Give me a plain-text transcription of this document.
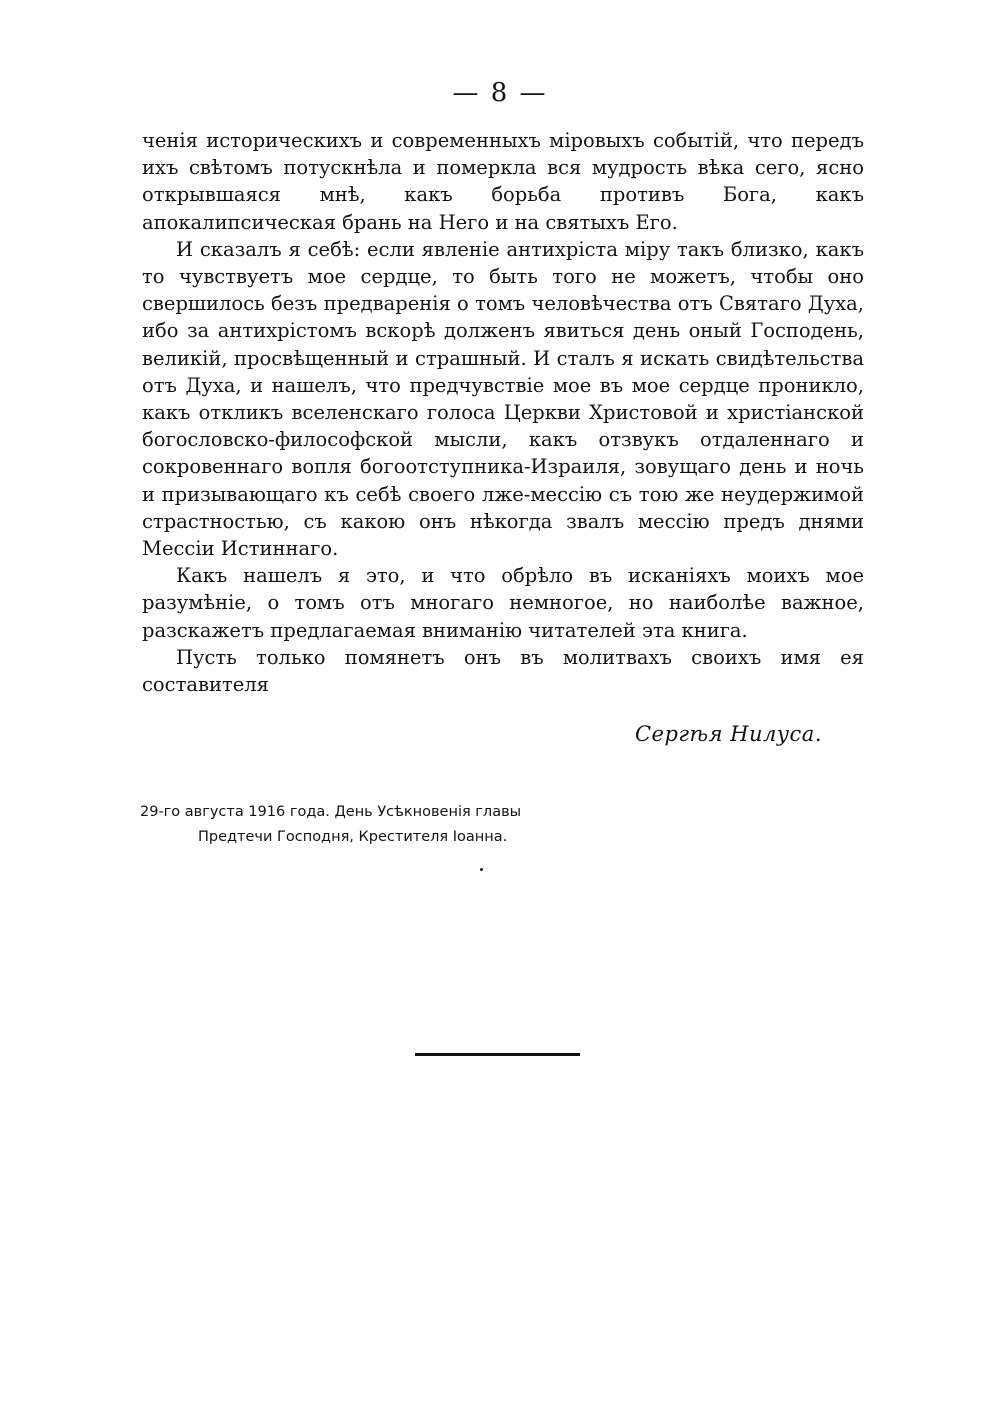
— 8 —

ченія историческихъ и современныхъ міровыхъ событій, что передъ ихъ свѣтомъ потускнѣла и померкла вся мудрость вѣка сего, ясно открывшаяся мнѣ, какъ борьба противъ Бога, какъ апокалипсическая брань на Него и на святыхъ Его.

И сказалъ я себѣ: если явленіе антихріста міру такъ близко, какъ то чувствуетъ мое сердце, то быть того не можетъ, чтобы оно свершилось безъ предваренія о томъ человѣчества отъ Святаго Духа, ибо за антихрістомъ вскорѣ долженъ явиться день оный Господень, великій, просвѣщенный и страшный. И сталъ я искать свидѣтельства отъ Духа, и нашелъ, что предчувствіе мое въ мое сердце проникло, какъ откликъ вселенскаго голоса Церкви Христовой и христіанской богословско-философской мысли, какъ отзвукъ отдаленнаго и сокровеннаго вопля богоотступника-Израиля, зовущаго день и ночь и призывающаго къ себѣ своего лже-мессію съ тою же неудержимой страстностью, съ какою онъ нѣкогда звалъ мессію предъ днями Мессіи Истиннаго.

Какъ нашелъ я это, и что обрѣло въ исканіяхъ моихъ мое разумѣніе, о томъ отъ многаго немногое, но наиболѣе важное, разскажетъ предлагаемая вниманію читателей эта книга.

Пусть только помянетъ онъ въ молитвахъ своихъ имя ея составителя

Сергѣя Нилуса.
29-го августа 1916 года. День Усѣкновенія главы
Предтечи Господня, Крестителя Іоанна.
